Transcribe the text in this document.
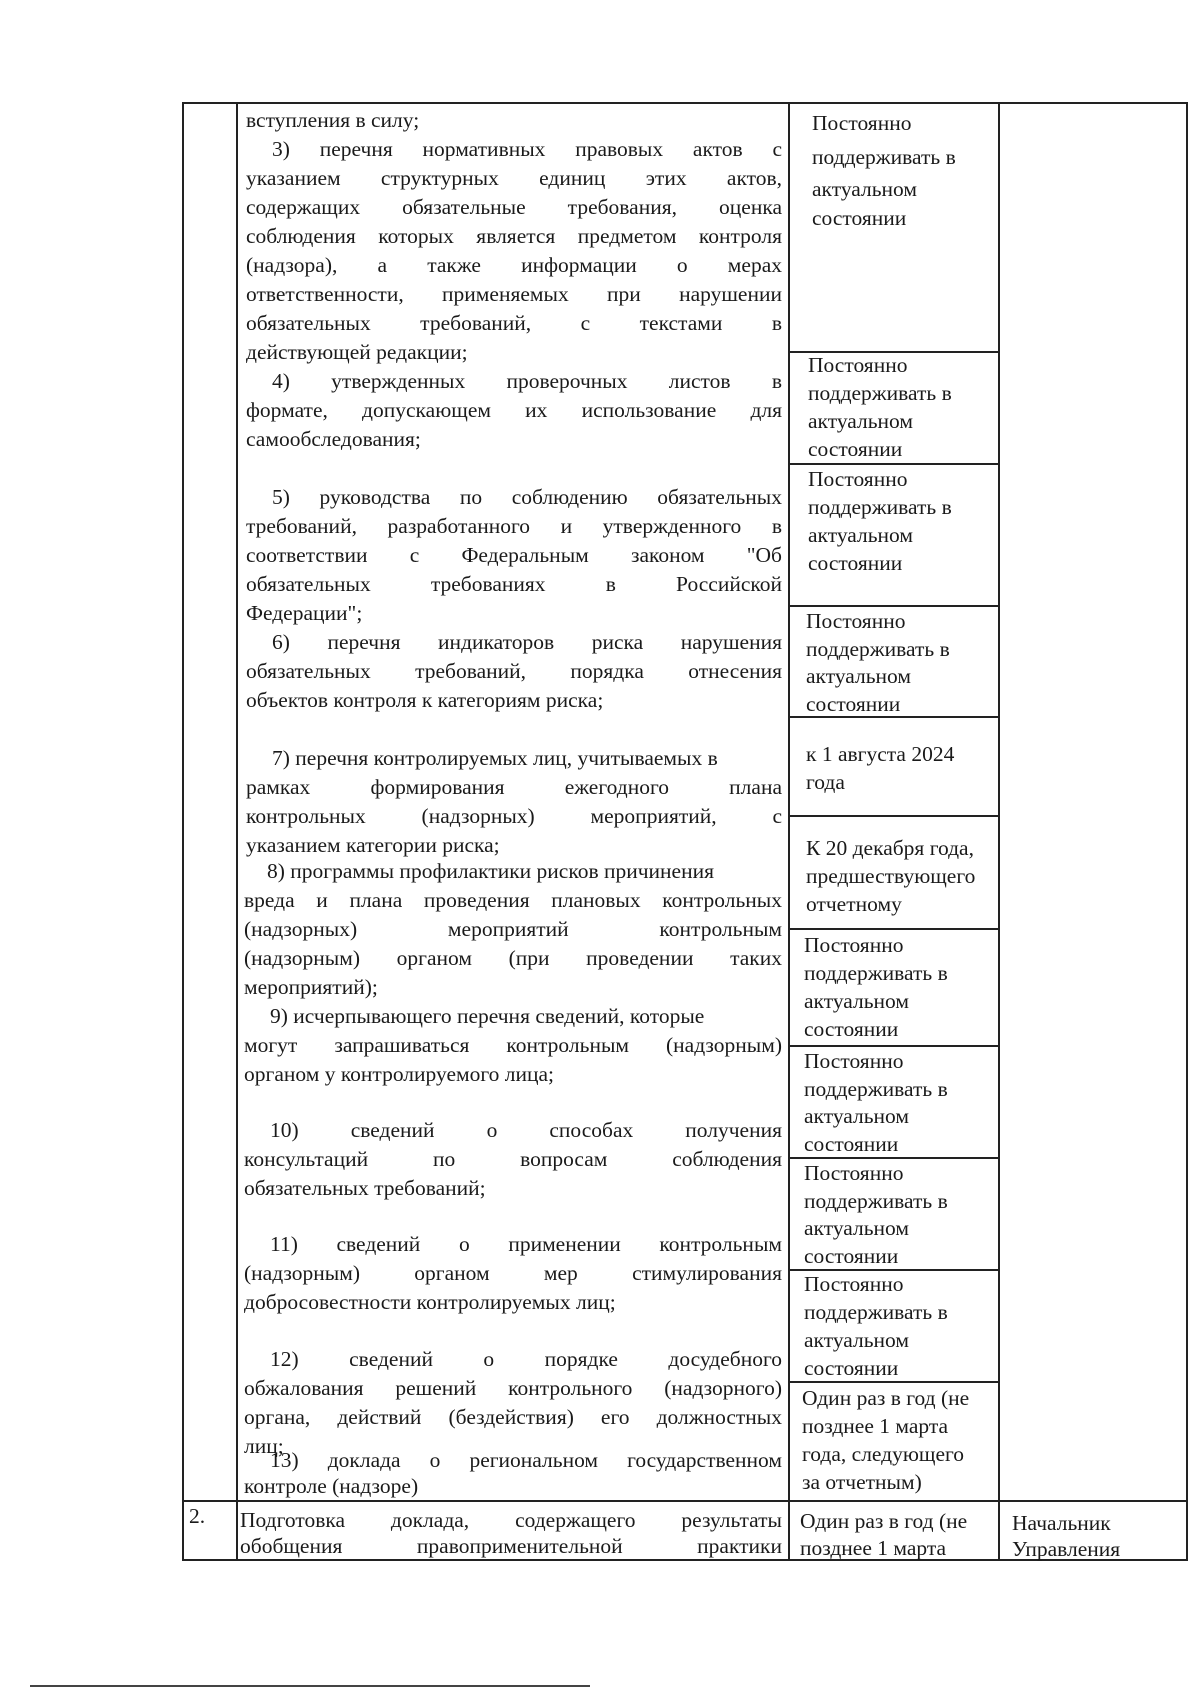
вступления в силу;
3) перечня нормативных правовых актов с
указанием структурных единиц этих актов,
содержащих обязательные требования, оценка
соблюдения которых является предметом контроля
(надзора), а также информации о мерах
ответственности, применяемых при нарушении
обязательных требований, с текстами в
действующей редакции;
4) утвержденных проверочных листов в
формате, допускающем их использование для
самообследования;
5) руководства по соблюдению обязательных
требований, разработанного и утвержденного в
соответствии с Федеральным законом "Об
обязательных требованиях в Российской
Федерации";
6) перечня индикаторов риска нарушения
обязательных требований, порядка отнесения
объектов контроля к категориям риска;
7) перечня контролируемых лиц, учитываемых в
рамках формирования ежегодного плана
контрольных (надзорных) мероприятий, с
указанием категории риска;
8) программы профилактики рисков причинения
вреда и плана проведения плановых контрольных
(надзорных) мероприятий контрольным
(надзорным) органом (при проведении таких
мероприятий);
9) исчерпывающего перечня сведений, которые
могут запрашиваться контрольным (надзорным)
органом у контролируемого лица;
10) сведений о способах получения
консультаций по вопросам соблюдения
обязательных требований;
11) сведений о применении контрольным
(надзорным) органом мер стимулирования
добросовестности контролируемых лиц;
12) сведений о порядке досудебного
обжалования решений контрольного (надзорного)
органа, действий (бездействия) его должностных
лиц;
13) доклада о региональном государственном
контроле (надзоре)
Постоянно
поддерживать в
актуальном
состоянии
Постоянно
поддерживать в
актуальном
состоянии
Постоянно
поддерживать в
актуальном
состоянии
Постоянно
поддерживать в
актуальном
состоянии
к 1 августа 2024
года
К 20 декабря года,
предшествующего
отчетному
Постоянно
поддерживать в
актуальном
состоянии
Постоянно
поддерживать в
актуальном
состоянии
Постоянно
поддерживать в
актуальном
состоянии
Постоянно
поддерживать в
актуальном
состоянии
Один раз в год (не
позднее 1 марта
года, следующего
за отчетным)
2. Подготовка доклада, содержащего результаты
обобщения правоприменительной практики
Один раз в год (не
позднее 1 марта
Начальник
Управления
